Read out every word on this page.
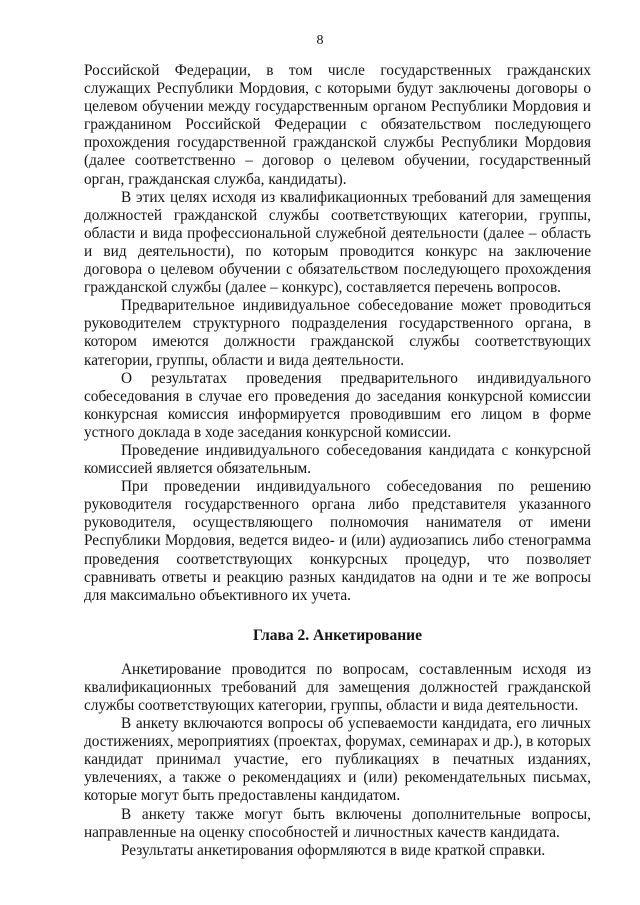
8

Российской Федерации, в том числе государственных гражданских служащих Республики Мордовия, с которыми будут заключены договоры о целевом обучении между государственным органом Республики Мордовия и гражданином Российской Федерации с обязательством последующего прохождения государственной гражданской службы Республики Мордовия (далее соответственно – договор о целевом обучении, государственный орган, гражданская служба, кандидаты).

В этих целях исходя из квалификационных требований для замещения должностей гражданской службы соответствующих категории, группы, области и вида профессиональной служебной деятельности (далее – область и вид деятельности), по которым проводится конкурс на заключение договора о целевом обучении с обязательством последующего прохождения гражданской службы (далее – конкурс), составляется перечень вопросов.

Предварительное индивидуальное собеседование может проводиться руководителем структурного подразделения государственного органа, в котором имеются должности гражданской службы соответствующих категории, группы, области и вида деятельности.

О результатах проведения предварительного индивидуального собеседования в случае его проведения до заседания конкурсной комиссии конкурсная комиссия информируется проводившим его лицом в форме устного доклада в ходе заседания конкурсной комиссии.

Проведение индивидуального собеседования кандидата с конкурсной комиссией является обязательным.

При проведении индивидуального собеседования по решению руководителя государственного органа либо представителя указанного руководителя, осуществляющего полномочия нанимателя от имени Республики Мордовия, ведется видео- и (или) аудиозапись либо стенограмма проведения соответствующих конкурсных процедур, что позволяет сравнивать ответы и реакцию разных кандидатов на одни и те же вопросы для максимально объективного их учета.

Глава 2. Анкетирование

Анкетирование проводится по вопросам, составленным исходя из квалификационных требований для замещения должностей гражданской службы соответствующих категории, группы, области и вида деятельности.

В анкету включаются вопросы об успеваемости кандидата, его личных достижениях, мероприятиях (проектах, форумах, семинарах и др.), в которых кандидат принимал участие, его публикациях в печатных изданиях, увлечениях, а также о рекомендациях и (или) рекомендательных письмах, которые могут быть предоставлены кандидатом.

В анкету также могут быть включены дополнительные вопросы, направленные на оценку способностей и личностных качеств кандидата.

Результаты анкетирования оформляются в виде краткой справки.
